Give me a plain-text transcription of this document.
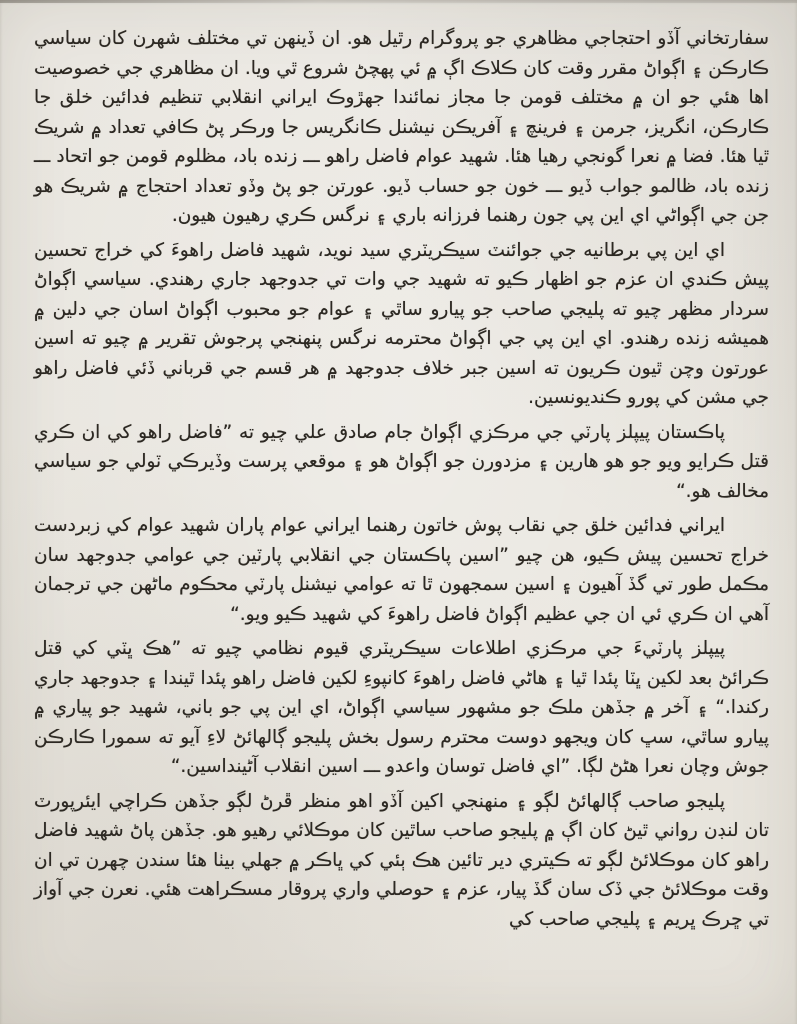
سفارتخاني آڏو احتجاجي مظاهري جو پروگرام رٿيل هو. ان ڏينهن تي مختلف شهرن کان سياسي ڪارڪن ۽ اڳواڻ مقرر وقت کان ڪلاڪ اڳ ۾ ئي پهچڻ شروع ٿي ويا. ان مظاهري جي خصوصيت اها هئي جو ان ۾ مختلف قومن جا مجاز نمائندا جهڙوڪ ايراني انقلابي تنظيم فدائين خلق جا ڪارڪن، انگريز، جرمن ۽ فرينچ ۽ آفريڪن نيشنل ڪانگريس جا ورڪر پڻ ڪافي تعداد ۾ شريڪ ٿيا هئا. فضا ۾ نعرا گونجي رهيا هئا. شهيد عوام فاضل راهو ـــ زنده باد، مظلوم قومن جو اتحاد ـــ زنده باد، ظالمو جواب ڏيو ـــ خون جو حساب ڏيو. عورتن جو پڻ وڏو تعداد احتجاج ۾ شريڪ هو جن جي اڳواڻي اي اين پي جون رهنما فرزانه باري ۽ نرگس ڪري رهيون هيون.

اي اين پي برطانيه جي جوائنٽ سيڪريٽري سيد نويد، شهيد فاضل راهوءَ کي خراج تحسين پيش ڪندي ان عزم جو اظهار ڪيو ته شهيد جي وات تي جدوجهد جاري رهندي. سياسي اڳواڻ سردار مظهر چيو ته پليجي صاحب جو پيارو ساٿي ۽ عوام جو محبوب اڳواڻ اسان جي دلين ۾ هميشه زنده رهندو. اي اين پي جي اڳواڻ محترمه نرگس پنهنجي پرجوش تقرير ۾ چيو ته اسين عورتون وچن ٿيون ڪريون ته اسين جبر خلاف جدوجهد ۾ هر قسم جي قرباني ڏئي فاضل راهو جي مشن کي پورو ڪنديونسين.

پاڪستان پيپلز پارٽي جي مرڪزي اڳواڻ جام صادق علي چيو ته ”فاضل راهو کي ان ڪري قتل ڪرايو ويو جو هو هارين ۽ مزدورن جو اڳواڻ هو ۽ موقعي پرست وڏيرڪي ٽولي جو سياسي مخالف هو.“

ايراني فدائين خلق جي نقاب پوش خاتون رهنما ايراني عوام پاران شهيد عوام کي زبردست خراج تحسين پيش ڪيو، هن چيو ”اسين پاڪستان جي انقلابي پارٽين جي عوامي جدوجهد سان مڪمل طور تي گڏ آهيون ۽ اسين سمجهون ٿا ته عوامي نيشنل پارٽي محڪوم ماڻهن جي ترجمان آهي ان ڪري ئي ان جي عظيم اڳواڻ فاضل راهوءَ کي شهيد ڪيو ويو.“

پيپلز پارٽيءَ جي مرڪزي اطلاعات سيڪريٽري قيوم نظامي چيو ته ”هڪ ڀٽي کي قتل ڪرائڻ بعد لکين ڀٽا پئدا ٿيا ۽ هاڻي فاضل راهوءَ کانپوءِ لکين فاضل راهو پئدا ٿيندا ۽ جدوجهد جاري رکندا.“ ۽ آخر ۾ جڏهن ملڪ جو مشهور سياسي اڳواڻ، اي اين پي جو باني، شهيد جو پياري ۾ پيارو ساٿي، سڀ کان ويجهو دوست محترم رسول بخش پليجو ڳالهائڻ لاءِ آيو ته سمورا ڪارڪن جوش وچان نعرا هڻڻ لڳا. ”اي فاضل توسان واعدو ـــ اسين انقلاب آڻينداسين.“

پليجو صاحب ڳالهائڻ لڳو ۽ منهنجي اکين آڏو اهو منظر ڦرڻ لڳو جڏهن ڪراچي ايئرپورٽ تان لنڊن رواني ٿيڻ کان اڳ ۾ پليجو صاحب ساٿين کان موڪلائي رهيو هو. جڏهن پاڻ شهيد فاضل راهو کان موڪلائڻ لڳو ته ڪيتري دير تائين هڪ ٻئي کي ڀاڪر ۾ جهلي بيٺا هئا سندن چهرن تي ان وقت موڪلائڻ جي ڏک سان گڏ پيار، عزم ۽ حوصلي واري پروقار مسڪراهت هئي. نعرن جي آواز تي ڇرڪ ڀريم ۽ پليجي صاحب کي
